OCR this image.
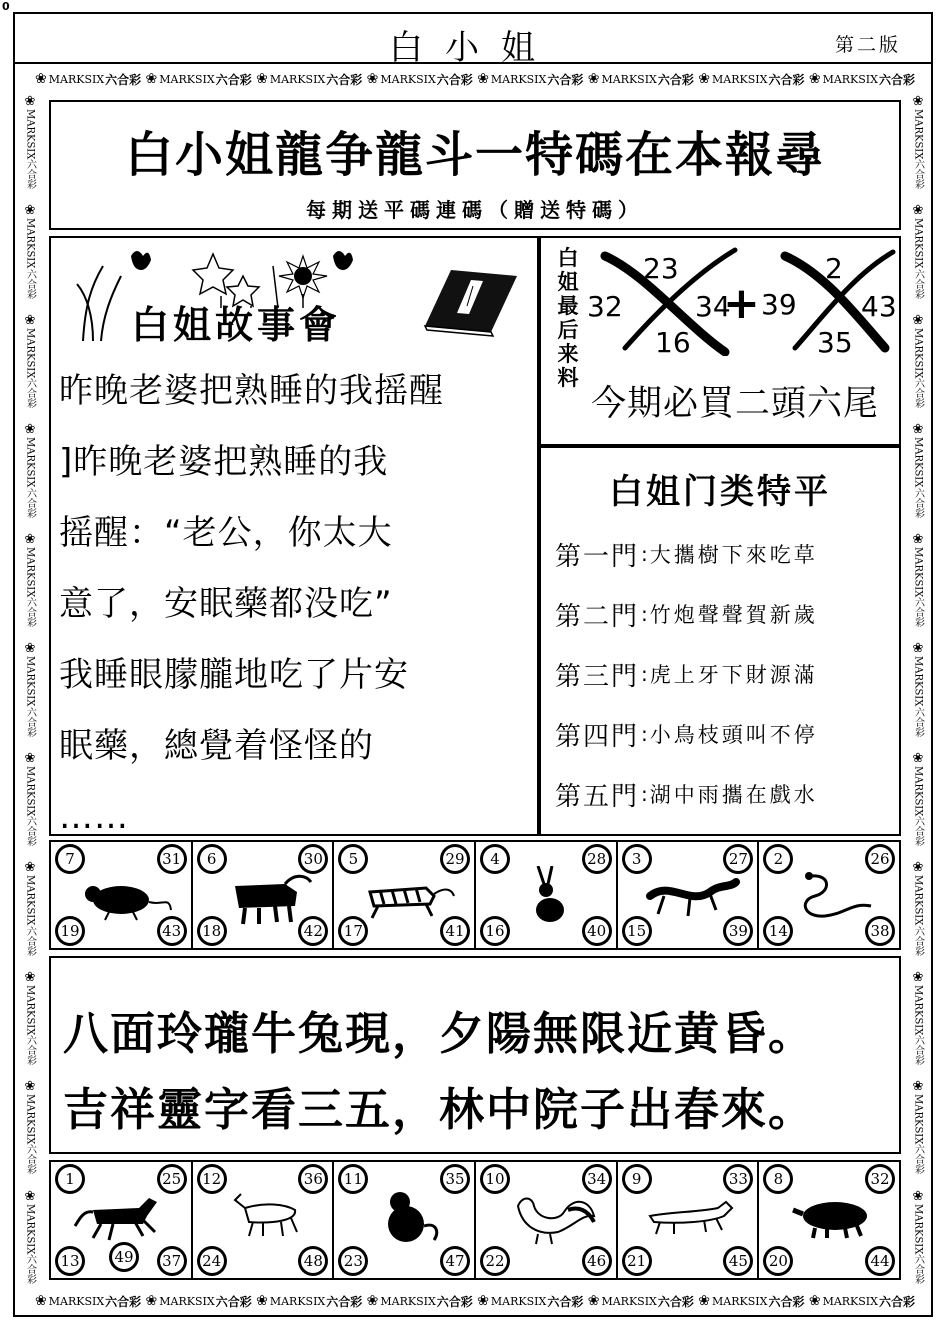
0
白小姐	第二版
❀ MARKSIX 六合彩 ❀ MARKSIX 六合彩 ❀ MARKSIX 六合彩 ❀ MARKSIX 六合彩 ❀ MARKSIX 六合彩 ❀ MARKSIX 六合彩 ❀ MARKSIX 六合彩 ❀ MARKSIX 六合彩
❀ MARKSIX 六合彩 ❀ MARKSIX 六合彩 ❀ MARKSIX 六合彩 ❀ MARKSIX 六合彩 ❀ MARKSIX 六合彩 ❀ MARKSIX 六合彩 ❀ MARKSIX 六合彩 ❀ MARKSIX 六合彩
❀
MARKSIX
六合彩
❀
MARKSIX
六合彩
❀
MARKSIX
六合彩
❀
MARKSIX
六合彩
❀
MARKSIX
六合彩
❀
MARKSIX
六合彩
❀
MARKSIX
六合彩
❀
MARKSIX
六合彩
❀
MARKSIX
六合彩
❀
MARKSIX
六合彩
❀
MARKSIX
六合彩
❀
MARKSIX
六合彩
❀
MARKSIX
六合彩
❀
MARKSIX
六合彩
❀
MARKSIX
六合彩
❀
MARKSIX
六合彩
❀
MARKSIX
六合彩
❀
MARKSIX
六合彩
❀
MARKSIX
六合彩
❀
MARKSIX
六合彩
❀
MARKSIX
六合彩
❀
MARKSIX
六合彩
白小姐龍争龍斗一特碼在本報尋
每期送平碼連碼（贈送特碼）
白姐故事會
昨晚老婆把熟睡的我摇醒
]昨晚老婆把熟睡的我
摇醒：“老公，你太大
意了，安眠藥都没吃”
我睡眼朦朧地吃了片安
眠藥，總覺着怪怪的
……
白
姐
最
后
来
料
23
32	34
16
+
2
39 43
35
今期必買二頭六尾
白姐门类特平
第一門 : 大攜樹下來吃草
第二門 : 竹炮聲聲賀新歲
第三門 : 虎上牙下財源滿
第四門 : 小鳥枝頭叫不停
第五門 : 湖中雨攜在戲水
7	31
19	43
6	30
18	42
5	29
17	41
4	28
16	40
3	27
15	39
2	26
14	38
八面玲瓏牛兔現，夕陽無限近黄昏。
吉祥靈字看三五，林中院子出春來。
1	25
13	37
49
12	36
24	48
11	35
23	47
10	34
22	46
9	33
21	45
8	32
20	44
